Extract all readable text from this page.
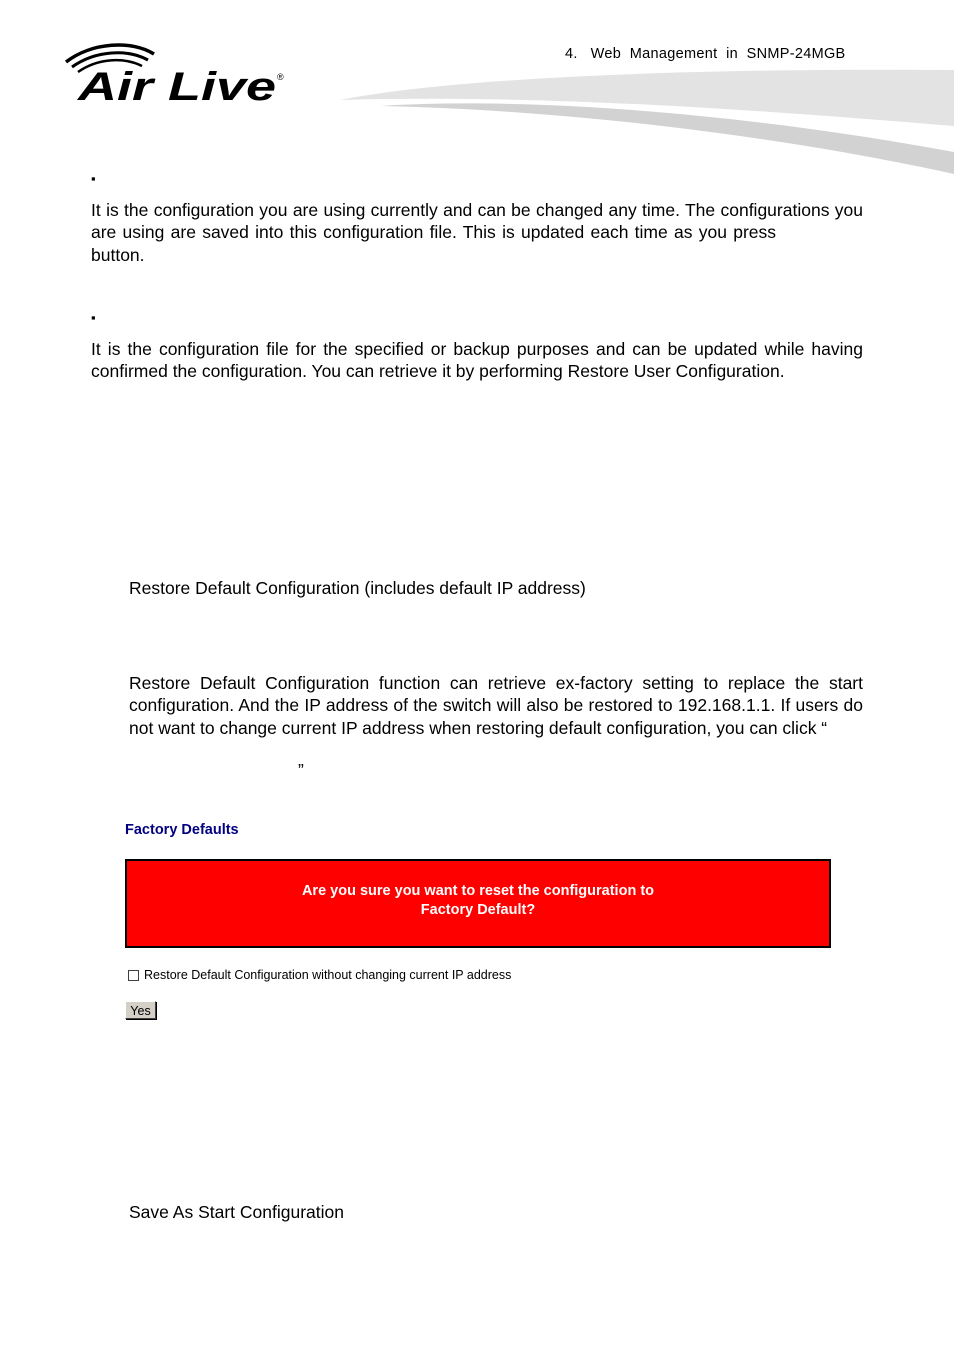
Air Live ®
4.   Web  Management  in  SNMP-24MGB
▪
It is the configuration you are using currently and can be changed any time. The configurations you are using are saved into this configuration file. This is updated each time as you pressbutton.
▪
It is the configuration file for the specified or backup purposes and can be updated while having confirmed the configuration. You can retrieve it by performing Restore User Configuration.
Restore Default Configuration (includes default IP address)
Restore Default Configuration function can retrieve ex-factory setting to replace the start configuration. And the IP address of the switch will also be restored to 192.168.1.1. If users do not want to change current IP address when restoring default configuration, you can click “
”
Factory Defaults
Are you sure you want to reset the configuration to
Factory Default?
Restore Default Configuration without changing current IP address
Yes
Save As Start Configuration
